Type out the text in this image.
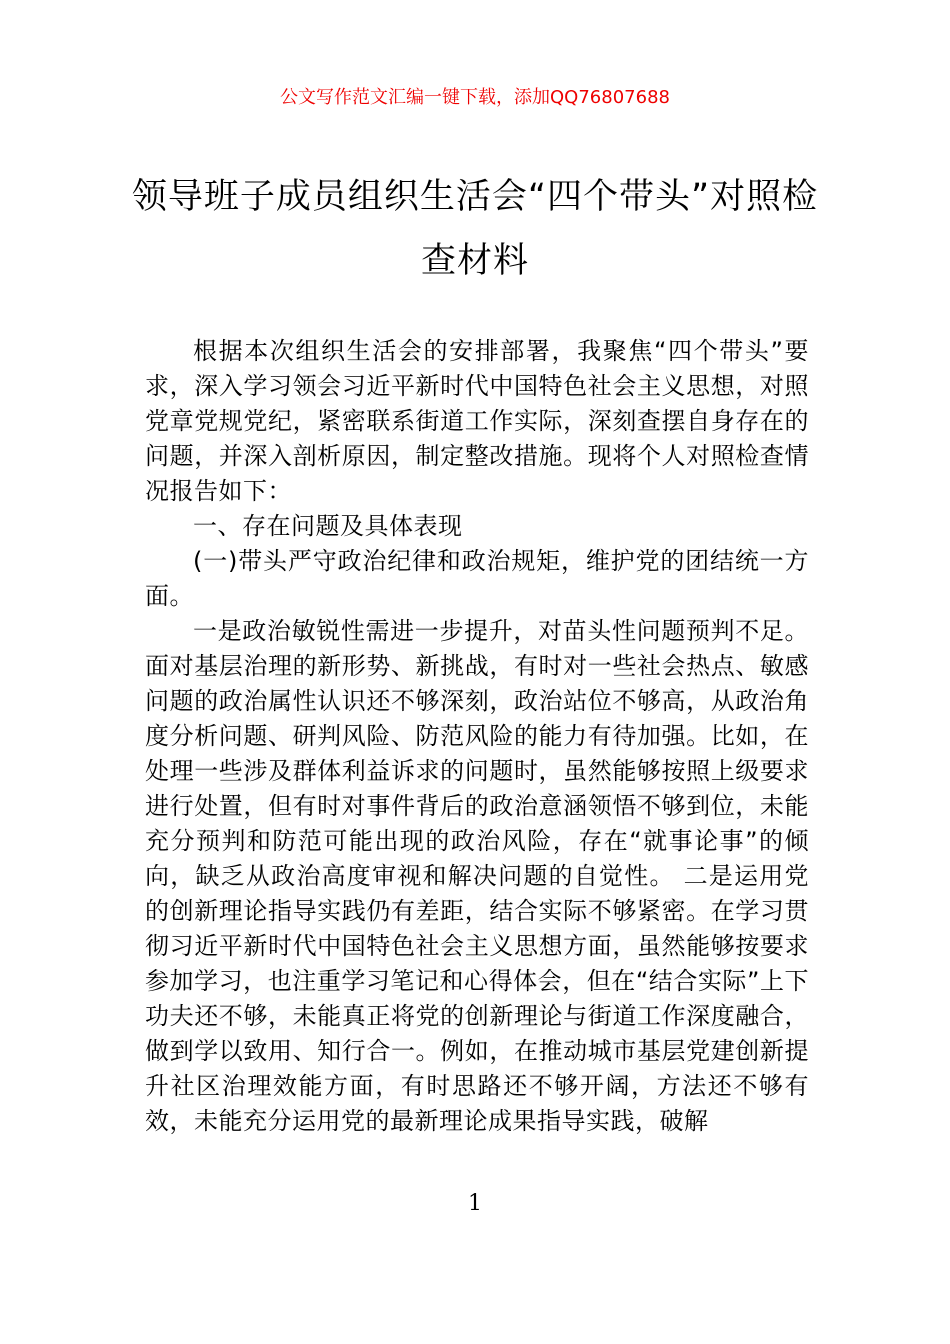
公文写作范文汇编一键下载，添加QQ76807688
领导班子成员组织生活会“四个带头”对照检查材料

根据本次组织生活会的安排部署，我聚焦“四个带头”要求，深入学习领会习近平新时代中国特色社会主义思想，对照党章党规党纪，紧密联系街道工作实际，深刻查摆自身存在的问题，并深入剖析原因，制定整改措施。现将个人对照检查情况报告如下：

一、存在问题及具体表现

(一)带头严守政治纪律和政治规矩，维护党的团结统一方面。

一是政治敏锐性需进一步提升，对苗头性问题预判不足。面对基层治理的新形势、新挑战，有时对一些社会热点、敏感问题的政治属性认识还不够深刻，政治站位不够高，从政治角度分析问题、研判风险、防范风险的能力有待加强。比如，在处理一些涉及群体利益诉求的问题时，虽然能够按照上级要求进行处置，但有时对事件背后的政治意涵领悟不够到位，未能充分预判和防范可能出现的政治风险，存在“就事论事”的倾向，缺乏从政治高度审视和解决问题的自觉性。 二是运用党的创新理论指导实践仍有差距，结合实际不够紧密。在学习贯彻习近平新时代中国特色社会主义思想方面，虽然能够按要求参加学习，也注重学习笔记和心得体会，但在“结合实际”上下功夫还不够，未能真正将党的创新理论与街道工作深度融合，做到学以致用、知行合一。例如，在推动城市基层党建创新提升社区治理效能方面，有时思路还不够开阔，方法还不够有效，未能充分运用党的最新理论成果指导实践，破解

1
